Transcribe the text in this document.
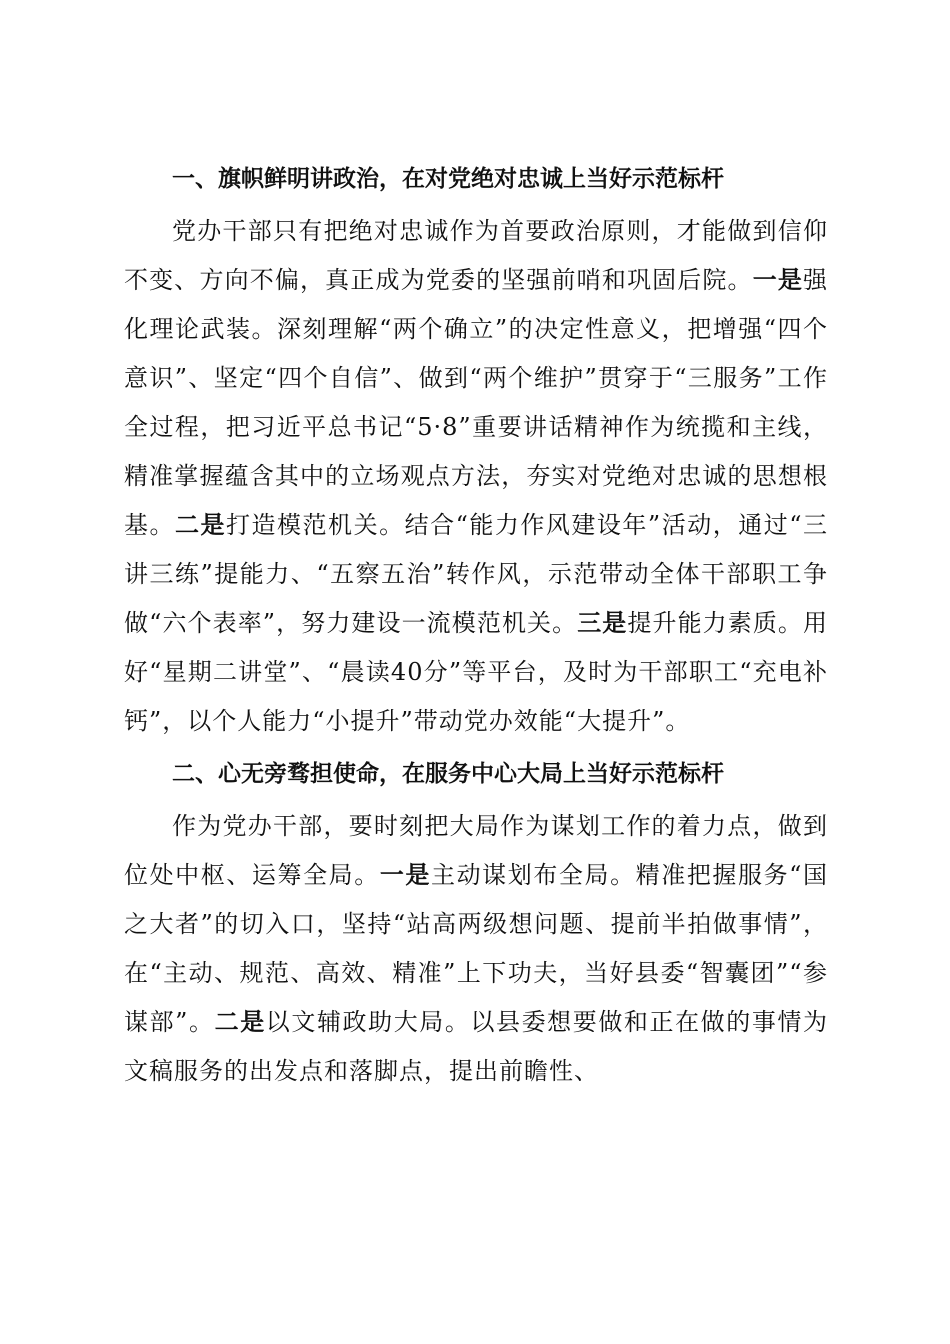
一、旗帜鲜明讲政治，在对党绝对忠诚上当好示范标杆

党办干部只有把绝对忠诚作为首要政治原则，才能做到信仰不变、方向不偏，真正成为党委的坚强前哨和巩固后院。一是强化理论武装。深刻理解“两个确立”的决定性意义，把增强“四个意识”、坚定“四个自信”、做到“两个维护”贯穿于“三服务”工作全过程，把习近平总书记“5·8”重要讲话精神作为统揽和主线，精准掌握蕴含其中的立场观点方法，夯实对党绝对忠诚的思想根基。二是打造模范机关。结合“能力作风建设年”活动，通过“三讲三练”提能力、“五察五治”转作风，示范带动全体干部职工争做“六个表率”，努力建设一流模范机关。三是提升能力素质。用好“星期二讲堂”、“晨读40分”等平台，及时为干部职工“充电补钙”，以个人能力“小提升”带动党办效能“大提升”。

二、心无旁骛担使命，在服务中心大局上当好示范标杆

作为党办干部，要时刻把大局作为谋划工作的着力点，做到位处中枢、运筹全局。一是主动谋划布全局。精准把握服务“国之大者”的切入口，坚持“站高两级想问题、提前半拍做事情”，在“主动、规范、高效、精准”上下功夫，当好县委“智囊团”“参谋部”。二是以文辅政助大局。以县委想要做和正在做的事情为文稿服务的出发点和落脚点，提出前瞻性、
